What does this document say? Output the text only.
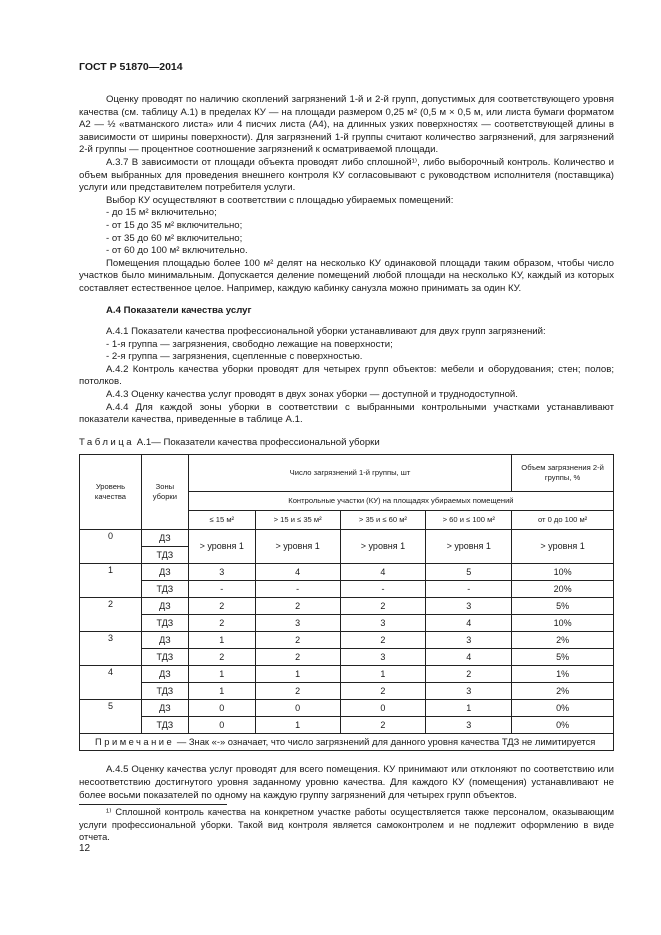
ГОСТ Р 51870—2014

Оценку проводят по наличию скоплений загрязнений 1-й и 2-й групп, допустимых для соответствующего уровня качества (см. таблицу А.1) в пределах КУ — на площади размером 0,25 м² (0,5 м × 0,5 м, или листа бумаги форматом А2 — ½ «ватманского листа» или 4 писчих листа (А4), на длинных узких поверхностях — соответствующей длины в зависимости от ширины поверхности). Для загрязнений 1-й группы считают количество загрязнений, для загрязнений 2-й группы — процентное соотношение загрязнений к осматриваемой площади.

А.3.7 В зависимости от площади объекта проводят либо сплошной¹⁾, либо выборочный контроль. Количество и объем выбранных для проведения внешнего контроля КУ согласовывают с руководством исполнителя (поставщика) услуги или представителем потребителя услуги.

Выбор КУ осуществляют в соответствии с площадью убираемых помещений:

- до 15 м² включительно;

- от 15 до 35 м² включительно;

- от 35 до 60 м² включительно;

- от 60 до 100 м² включительно.

Помещения площадью более 100 м² делят на несколько КУ одинаковой площади таким образом, чтобы число участков было минимальным. Допускается деление помещений любой площади на несколько КУ, каждый из которых составляет естественное целое. Например, каждую кабинку санузла можно принимать за один КУ.

А.4 Показатели качества услуг

А.4.1 Показатели качества профессиональной уборки устанавливают для двух групп загрязнений:

- 1-я группа — загрязнения, свободно лежащие на поверхности;

- 2-я группа — загрязнения, сцепленные с поверхностью.

А.4.2 Контроль качества уборки проводят для четырех групп объектов: мебели и оборудования; стен; полов; потолков.

А.4.3 Оценку качества услуг проводят в двух зонах уборки — доступной и труднодоступной.

А.4.4 Для каждой зоны уборки в соответствии с выбранными контрольными участками устанавливают показатели качества, приведенные в таблице А.1.

Таблица А.1— Показатели качества профессиональной уборки
Уровень качества	Зоны уборки	Число загрязнений 1-й группы, шт				Объем загрязнения 2-й группы, %
		Контрольные участки (КУ) на площадях убираемых помещений				
		≤ 15 м²	> 15 и ≤ 35 м²	> 35 и ≤ 60 м²	> 60 и ≤ 100 м²	от 0 до 100 м²
0	ДЗ	> уровня 1	> уровня 1	> уровня 1	> уровня 1	> уровня 1
	ТДЗ					
1	ДЗ	3	4	4	5	10%
	ТДЗ	-	-	-	-	20%
2	ДЗ	2	2	2	3	5%
	ТДЗ	2	3	3	4	10%
3	ДЗ	1	2	2	3	2%
	ТДЗ	2	2	3	4	5%
4	ДЗ	1	1	1	2	1%
	ТДЗ	1	2	2	3	2%
5	ДЗ	0	0	0	1	0%
	ТДЗ	0	1	2	3	0%
Примечание — Знак «-» означает, что число загрязнений для данного уровня качества ТДЗ не лимитируется						

А.4.5 Оценку качества услуг проводят для всего помещения. КУ принимают или отклоняют по соответствию или несоответствию достигнутого уровня заданному уровню качества. Для каждого КУ (помещения) устанавливают не более восьми показателей по одному на каждую группу загрязнений для четырех групп объектов.

¹⁾ Сплошной контроль качества на конкретном участке работы осуществляется также персоналом, оказывающим услуги профессиональной уборки. Такой вид контроля является самоконтролем и не подлежит оформлению в виде отчета.

12
